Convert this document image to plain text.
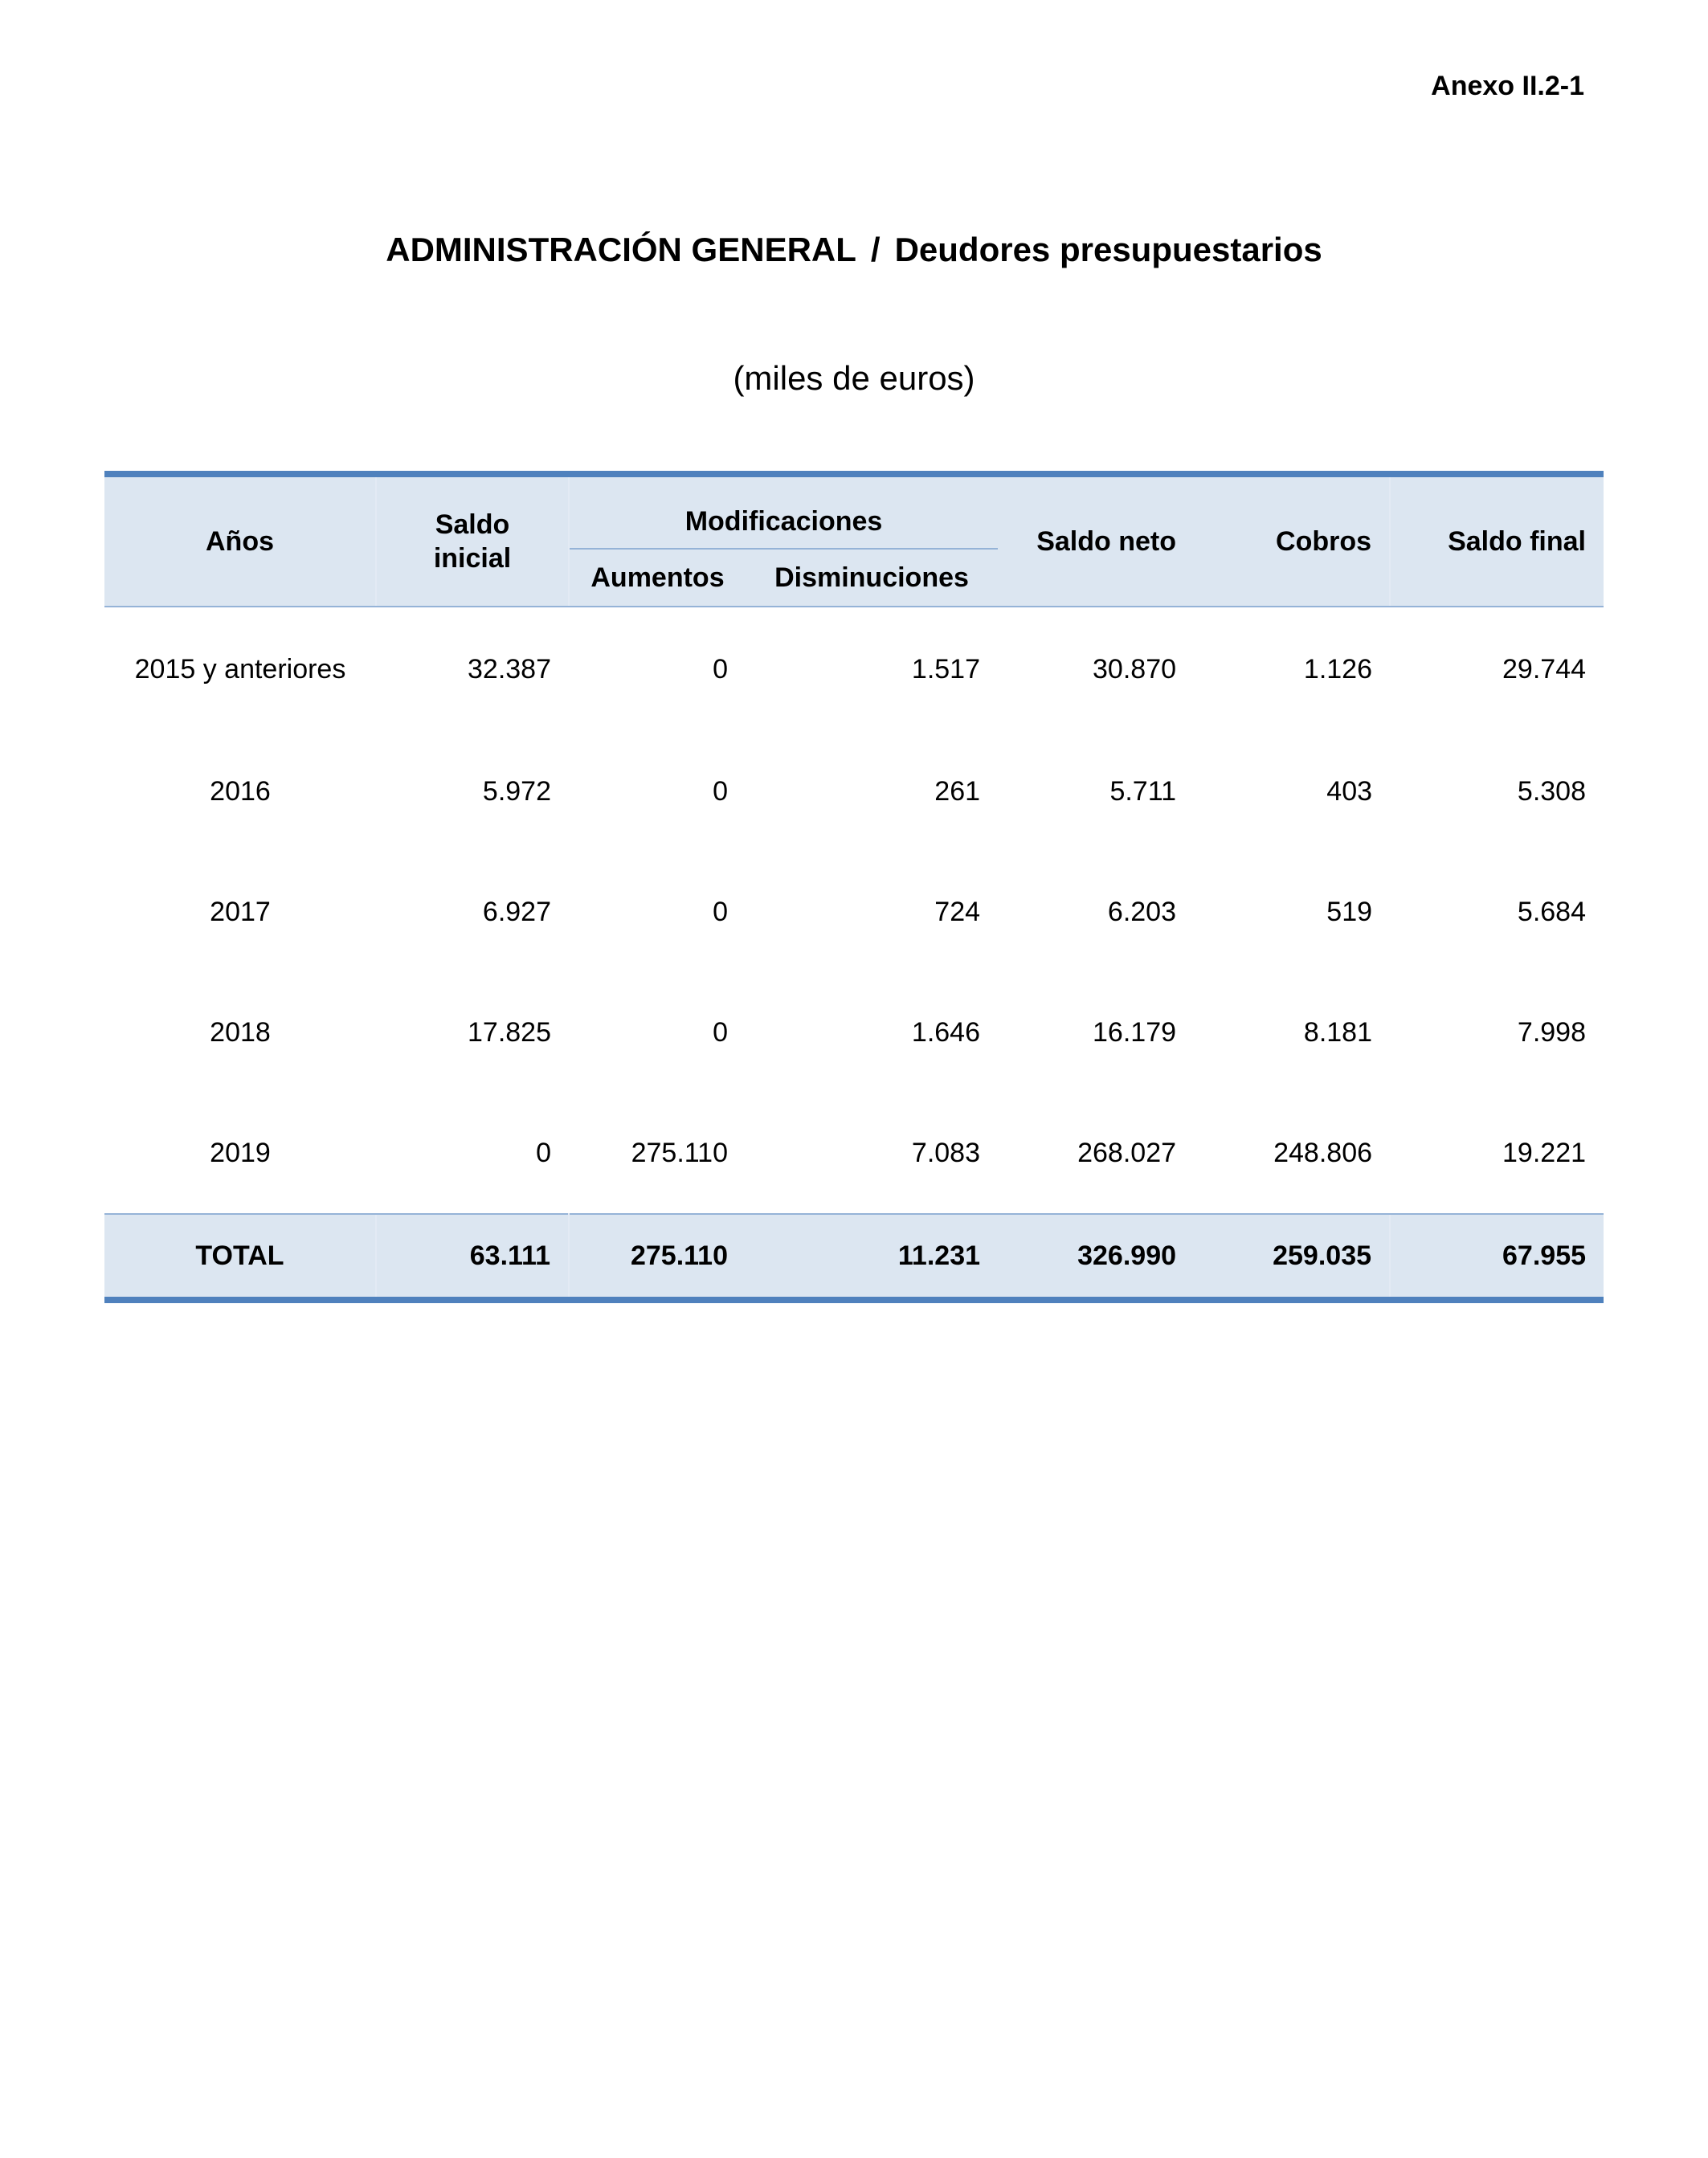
Anexo II.2-1
ADMINISTRACIÓN GENERAL / Deudores presupuestarios

(miles de euros)

Años	Saldo inicial	Modificaciones		Saldo neto	Cobros	Saldo final
		Aumentos	Disminuciones			
2015 y anteriores	32.387	0	1.517	30.870	1.126	29.744
2016	5.972	0	261	5.711	403	5.308
2017	6.927	0	724	6.203	519	5.684
2018	17.825	0	1.646	16.179	8.181	7.998
2019	0	275.110	7.083	268.027	248.806	19.221
TOTAL	63.111	275.110	11.231	326.990	259.035	67.955
